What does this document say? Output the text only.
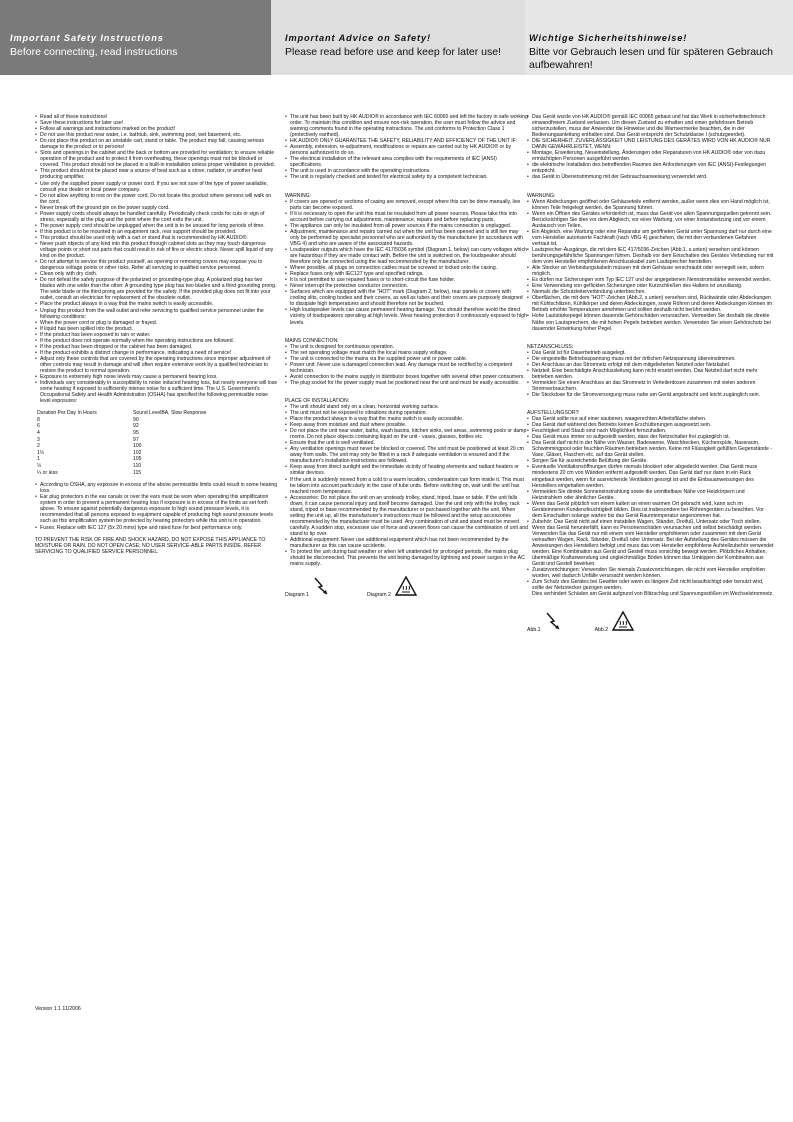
Important Safety Instructions
Before connecting, read instructions
Important Advice on Safety!
Please read before use and keep for later use!
Wichtige Sicherheitshinweise!
Bitte vor Gebrauch lesen und für späteren Gebrauch aufbewahren!
• Read all of these instructions!
• Save these instructions for later use!
• Follow all warnings and instructions marked on the product!
• Do not use this product near water, i.e. bathtub, sink, swimming pool, wet basement, etc.
• Do not place this product on an unstable cart, stand or table. The product may fall, causing serious damage to the product or to persons!
• Slots and openings in the cabinet and the back or bottom are provided for ventilation; to ensure reliable operation of the product and to protect it from overheating, these openings must not be blocked or covered. This product should not be placed in a built-in installation unless proper ventilation is provided.
• This product should not be placed near a source of heat such as a stove, radiator, or another heat producing amplifier.
• Use only the supplied power supply or power cord. If you are not sure of the type of power available, consult your dealer or local power company.
• Do not allow anything to rest on the power cord. Do not locate this product where persons will walk on the cord.
• Never break off the ground pin on the power supply cord.
• Power supply cords should always be handled carefully. Periodically check cords for cuts or sign of stress, especially at the plug and the point where the cord exits the unit.
• The power supply cord should be unplugged when the unit is to be unused for long periods of time.
• If this product is to be mounted in an equipment rack, rear support should be provided.
• This product should be used only with a cart or stand that is recommended by HK AUDIO®.
• Never push objects of any kind into this product through cabinet slots as they may touch dangerous voltage points or short out parts that could result in risk of fire or electric shock. Never spill liquid of any kind on the product.
• Do not attempt to service this product yourself, as opening or removing covers may expose you to dangerous voltage points or other risks. Refer all servicing to qualified service personnel.
• Clean only with dry cloth.
• Do not defeat the safety purpose of the polarized or grounding-type plug. A polarized plug has two blades with one wider than the other. A grounding type plug has two blades and a third grounding prong. The wide blade or the third prong are provided for the safety. If the provided plug does not fit into your outlet, consult an electrician for replacement of the obsolete outlet.
• Place the product always in a way that the mains switch is easily accessible.
• Unplug this product from the wall outlet and refer servicing to qualified service personnel under the following conditions:
• When the power cord or plug is damaged or frayed.
• If liquid has been spilled into the product.
• If the product has been exposed to rain or water.
• If the product does not operate normally when the operating instructions are followed.
• If the product has been dropped or the cabinet has been damaged.
• If the product exhibits a distinct change in performance, indicating a need of service!
• Adjust only these controls that are covered by the operating instructions since improper adjustment of other controls may result in damage and will often require extensive work by a qualified technician to restore the product to normal operation.
• Exposure to extremely high noise levels may cause a permanent hearing loss.
• Individuals vary considerably in susceptibility to noise induced hearing loss, but nearly everyone will lose some hearing if exposed to sufficiently intense noise for a sufficient time. The U.S. Government's Occupational Safety and Health Administration (OSHA) has specified the following permissible noise level exposures:
Duration Per Day In Hours	Sound LevelBA, Slow Response
8	90
6	92
4	95
3	97
2	100
1½	102
1	105
½	110
¼ or less	115
• According to OSHA, any exposure in excess of the above permissible limits could result in some hearing loss.
• Ear plug protectors in the ear canals or over the ears must be worn when operating this amplification system in order to prevent a permanent hearing loss if exposure is in excess of the limits as set forth above. To ensure against potentially dangerous exposure to high sound pressure levels, it is recommended that all persons exposed to equipment capable of producing high sound pressure levels such as this amplification system be protected by hearing protectors while this unit is in operation.
• Fuses: Replace with IEC 127 (5x 20 mms) type and rated fuse for best performance only.
TO PREVENT THE RISK OF FIRE AND SHOCK HAZARD, DO NOT EXPOSE THIS APPLIANCE TO MOISTURE OR RAIN. DO NOT OPEN CASE; NO USER SERVICE-ABLE PARTS INSIDE. REFER SERVICING TO QUALIFIED SERVICE PERSONNEL.
Version 1.1 11/2006
• The unit has been built by HK AUDIO® in accordance with IEC 60065 and left the factory in safe working order. To maintain this condition and ensure non-risk operation, the user must follow the advice and warning comments found in the operating instructions. The unit conforms to Protection Class 1 (protectively earthed).
• HK AUDIO® ONLY GUARANTEE THE SAFETY, RELIABILITY AND EFFICIENCY OF THE UNIT IF:
• Assembly, extension, re-adjustment, modifications or repairs are carried out by HK AUDIO® or by persons authorized to do so.
• The electrical installation of the relevant area complies with the requirements of IEC (ANSI) specifications.
• The unit is used in accordance with the operating instructions.
• The unit is regularly checked and tested for electrical safety by a competent technician.
WARNING:
• If covers are opened or sections of casing are removed, except where this can be done manually, live parts can become exposed.
• If it is necessary to open the unit this must be insulated from all power sources. Please take this into account before carrying out adjustments, maintenance, repairs and before replacing parts.
• The appliance can only be insulated from all power sources if the mains connection is unplugged.
• Adjustment, maintenance and repairs carried out when the unit has been opened and is still live may only be performed by specialist personnel who are authorized by the manufacturer (in accordance with VBG 4) and who are aware of the associated hazards.
• Loudspeaker outputs which have the IEC 417/5036 symbol (Diagram 1, below) can carry voltages which are hazardous if they are made contact with. Before the unit is switched on, the loudspeaker should therefore only be connected using the lead recommended by the manufacturer.
• Where possible, all plugs on connection cables must be screwed or locked onto the casing.
• Replace fuses only with IEC127 type and specified ratings.
• It is not permitted to use repaired fuses or to short-circuit the fuse holder.
• Never interrupt the protective conductor connection.
• Surfaces which are equipped with the "HOT" mark (Diagram 2, below), rear panels or covers with cooling slits, cooling bodies and their covers, as well as tubes and their covers are purposely designed to dissipate high temperatures and should therefore not be touched.
• High loudspeaker levels can cause permanent hearing damage. You should therefore avoid the direct vicinity of loudspeakers operating at high levels. Wear hearing protection if continuously exposed to high levels.
MAINS CONNECTION:
• The unit is designed for continuous operation.
• The set operating voltage must match the local mains supply voltage.
• The unit is connected to the mains via the supplied power unit or power cable.
• Power unit: Never use a damaged connection lead. Any damage must be rectified by a competent technician.
• Avoid connection to the mains supply in distributor boxes together with several other power consumers.
• The plug socket for the power supply must be positioned near the unit and must be easily accessible.
PLACE OF INSTALLATION:
• The unit should stand only on a clean, horizontal working surface.
• The unit must not be exposed to vibrations during operation.
• Place the product always in a way that the mains switch is easily accessible.
• Keep away from moisture and dust where possible.
• Do not place the unit near water, baths, wash basins, kitchen sinks, wet areas, swimming pools or damp rooms. Do not place objects containing liquid on the unit - vases, glasses, bottles etc.
• Ensure that the unit is well ventilated.
• Any ventilation openings must never be blocked or covered. The unit must be positioned at least 20 cm away from walls. The unit may only be fitted in a rack if adequate ventilation is ensured and if the manufacturer's installation instructions are followed.
• Keep away from direct sunlight and the immediate vicinity of heating elements and radiant heaters or similar devices.
• If the unit is suddenly moved from a cold to a warm location, condensation can form inside it. This must be taken into account particularly in the case of tube units. Before switching on, wait until the unit has reached room temperature.
• Accessories: Do not place the unit on an unsteady trolley, stand, tripod, base or table. If the unit falls down, it can cause personal injury and itself become damaged. Use the unit only with the trolley, rack stand, tripod or base recommended by the manufacturer or purchased together with the unit. When setting the unit up, all the manufacturer's instructions must be followed and the setup accessories recommended by the manufacturer must be used. Any combination of unit and stand must be moved carefully. A sudden stop, excessive use of force and uneven floors can cause the combination of unit and stand to tip over.
• Additional equipment: Never use additional equipment which has not been recommended by the manufacturer as this can cause accidents.
• To protect the unit during bad weather or when left unattended for prolonged periods, the mains plug should be disconnected. This prevents the unit being damaged by lightning and power surges in the AC mains supply.
Diagram 1	Diagram 2
• Das Gerät wurde von HK AUDIO® gemäß IEC 60065 gebaut und hat das Werk in sicherheitstechnisch einwandfreiem Zustand verlassen. Um diesen Zustand zu erhalten und einen gefahrlosen Betrieb sicherzustellen, muss der Anwender die Hinweise und die Warnvermerke beachten, die in der Bedienungsanleitung enthalten sind. Das Gerät entspricht der Schutzklasse I (schutzgeerdet).
• DIE SICHERHEIT, ZUVERLÄSSIGKEIT UND LEISTUNG DES GERÄTES WIRD VON HK AUDIO® NUR DANN GEWÄHRLEISTET, WENN:
• Montage, Erweiterung, Neueinstellung, Änderungen oder Reparaturen von HK AUDIO® oder von dazu ermächtigten Personen ausgeführt werden.
• die elektrische Installation des betreffenden Raumes den Anforderungen von IEC (ANSI)-Festlegungen entspricht.
• das Gerät in Übereinstimmung mit der Gebrauchsanweisung verwendet wird.
WARNUNG:
• Wenn Abdeckungen geöffnet oder Gehäuseteile entfernt werden, außer wenn dies von Hand möglich ist, können Teile freigelegt werden, die Spannung führen.
• Wenn ein Öffnen des Gerätes erforderlich ist, muss das Gerät von allen Spannungsquellen getrennt sein. Berücksichtigen Sie dies vor dem Abgleich, vor einer Wartung, vor einer Instandsetzung und vor einem Austausch von Teilen.
• Ein Abgleich, eine Wartung oder eine Reparatur am geöffneten Gerät unter Spannung darf nur durch eine vom Hersteller autorisierte Fachkraft (nach VBG 4) geschehen, die mit den verbundenen Gefahren vertraut ist.
• Lautsprecher-Ausgänge, die mit dem IEC 417/5036-Zeichen (Abb.1, s.unten) versehen sind können berührungsgefährliche Spannungen führen. Deshalb vor dem Einschalten des Gerätes Verbindung nur mit dem vom Hersteller empfohlenen Anschlusskabel zum Lautsprecher herstellen.
• Alle Stecker an Verbindungskabeln müssen mit dem Gehäuse verschraubt oder verriegelt sein, sofern möglich.
• Es dürfen nur Sicherungen vom Typ IEC 127 und der angegebenen Nennstromstärke verwendet werden.
• Eine Verwendung von geflickten Sicherungen oder Kurzschließen des Halters ist unzulässig.
• Niemals die Schutzleiterverbindung unterbrechen.
• Oberflächen, die mit dem "HOT"-Zeichen (Abb.2, s.unten) versehen sind, Rückwände oder Abdeckungen mit Kühlschlitzen, Kühlkörper und deren Abdeckungen, sowie Röhren und deren Abdeckungen können im Betrieb erhöhte Temperaturen annehmen und sollten deshalb nicht berührt werden.
• Hohe Lautstärkepegel können dauernde Gehörschäden verursachen. Vermeiden Sie deshalb die direkte Nähe von Lautsprechern, die mit hohen Pegeln betrieben werden. Verwenden Sie einen Gehörschutz bei dauernder Einwirkung hoher Pegel.
NETZANSCHLUSS:
• Das Gerät ist für Dauerbetrieb ausgelegt.
• Die eingestellte Betriebsspannung muss mit der örtlichen Netzspannung übereinstimmen.
• Der Anschluss an das Stromnetz erfolgt mit dem mitgelieferten Netzteil oder Netzkabel.
• Netzteil: Eine beschädigte Anschlussleitung kann nicht ersetzt werden. Das Netzteil darf nicht mehr betrieben werden.
• Vermeiden Sie einen Anschluss an das Stromnetz in Verteilerdosen zusammen mit vielen anderen Stromverbrauchern.
• Die Steckdose für die Stromversorgung muss nahe am Gerät angebracht und leicht zugänglich sein.
AUFSTELLUNGSORT:
• Das Gerät sollte nur auf einer sauberen, waagerechten Arbeitsfläche stehen.
• Das Gerät darf während des Betriebs keinen Erschütterungen ausgesetzt sein.
• Feuchtigkeit und Staub sind nach Möglichkeit fernzuhalten.
• Das Gerät muss immer so aufgestellt werden, dass der Netzschalter frei zugänglich ist.
• Das Gerät darf nicht in der Nähe von Wasser, Badewanne, Waschbecken, Küchenspüle, Nassraum, Schwimmingpool oder feuchten Räumen betrieben werden. Keine mit Flüssigkeit gefüllten Gegenstände -Vase, Gläser, Flaschen etc. auf das Gerät stellen.
• Sorgen Sie für ausreichende Belüftung der Geräte.
• Eventuelle Ventilationsöffnungen dürfen niemals blockiert oder abgedeckt werden. Das Gerät muss mindestens 20 cm von Wänden entfernt aufgestellt werden. Das Gerät darf nur dann in ein Rack eingebaut werden, wenn für ausreichende Ventilation gesorgt ist und die Einbauanweisungen des Herstellers eingehalten werden.
• Vermeiden Sie direkte Sonneneinstrahlung sowie die unmittelbare Nähe von Heizkörpern und Heizstrahlern oder ähnlicher Geräte.
• Wenn das Gerät plötzlich von einem kalten an einen warmen Ort gebracht wird, kann sich im Geräteinneren Kondensfeuchtigkeit bilden. Dies ist insbesondere bei Röhrengeräten zu beachten. Vor dem Einschalten solange warten bis das Gerät Raumtemperatur angenommen hat.
• Zubehör: Das Gerät nicht auf einen instabilen Wagen, Ständer, Dreifuß, Untersatz oder Tisch stellen. Wenn das Gerät herunterfällt, kann es Personenschäden verursachen und selbst beschädigt werden. Verwenden Sie das Gerät nur mit einem vom Hersteller empfohlenen oder zusammen mit dem Gerät verkauften Wagen, Rack, Ständer, Dreifuß oder Untersatz. Bei der Aufstellung des Gerätes müssen die Anweisungen des Herstellers befolgt und muss das vom Hersteller empfohlene Aufstellzubehör verwendet werden. Eine Kombination aus Gerät und Gestell muss vorsichtig bewegt werden. Plötzliches Anhalten, übermäßige Kraftanwendung und ungleichmäßige Böden können das Umkippen der Kombination aus Gerät und Gestell bewirken.
• Zusatzvorrichtungen: Verwenden Sie niemals Zusatzvorrichtungen, die nicht vom Hersteller empfohlen wurden, weil dadurch Unfälle verursacht werden können.
• Zum Schutz des Gerätes bei Gewitter oder wenn es längere Zeit nicht beaufsichtigt oder benutzt wird, sollte der Netzstecker gezogen werden.
Dies verhindert Schäden am Gerät aufgrund von Blitzschlag und Spannungsstößen im Wechselstromnetz.
Abb.1	Abb.2
